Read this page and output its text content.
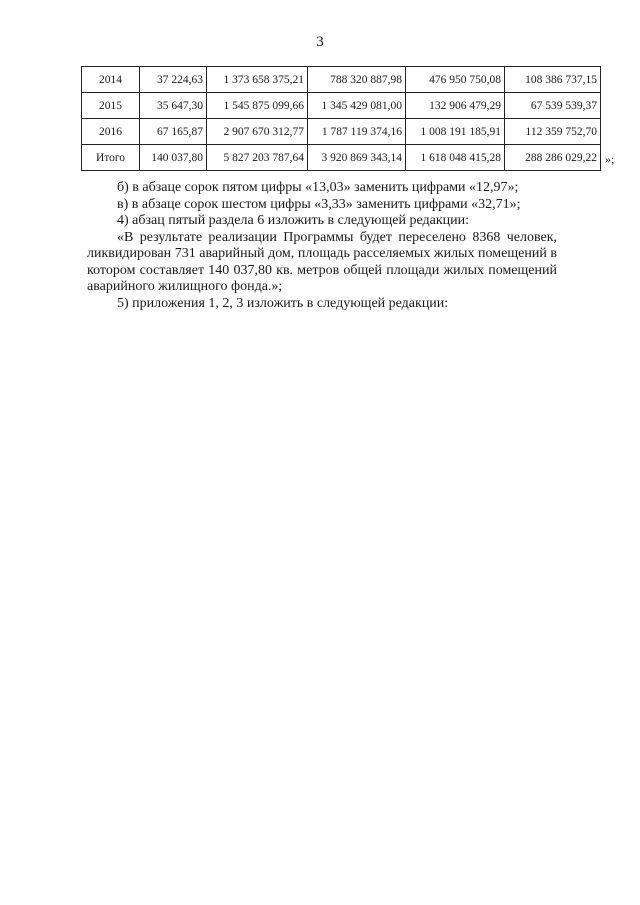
3
2014	37 224,63	1 373 658 375,21	788 320 887,98	476 950 750,08	108 386 737,15
2015	35 647,30	1 545 875 099,66	1 345 429 081,00	132 906 479,29	67 539 539,37
2016	67 165,87	2 907 670 312,77	1 787 119 374,16	1 008 191 185,91	112 359 752,70
Итого	140 037,80	5 827 203 787,64	3 920 869 343,14	1 618 048 415,28	288 286 029,22 »;

б) в абзаце сорок пятом цифры «13,03» заменить цифрами «12,97»;

в) в абзаце сорок шестом цифры «3,33» заменить цифрами «32,71»;

4) абзац пятый раздела 6 изложить в следующей редакции:

«В результате реализации Программы будет переселено 8368 человек, ликвидирован 731 аварийный дом, площадь расселяемых жилых помещений в котором составляет 140 037,80 кв. метров общей площади жилых помещений аварийного жилищного фонда.»;

5) приложения 1, 2, 3 изложить в следующей редакции:
